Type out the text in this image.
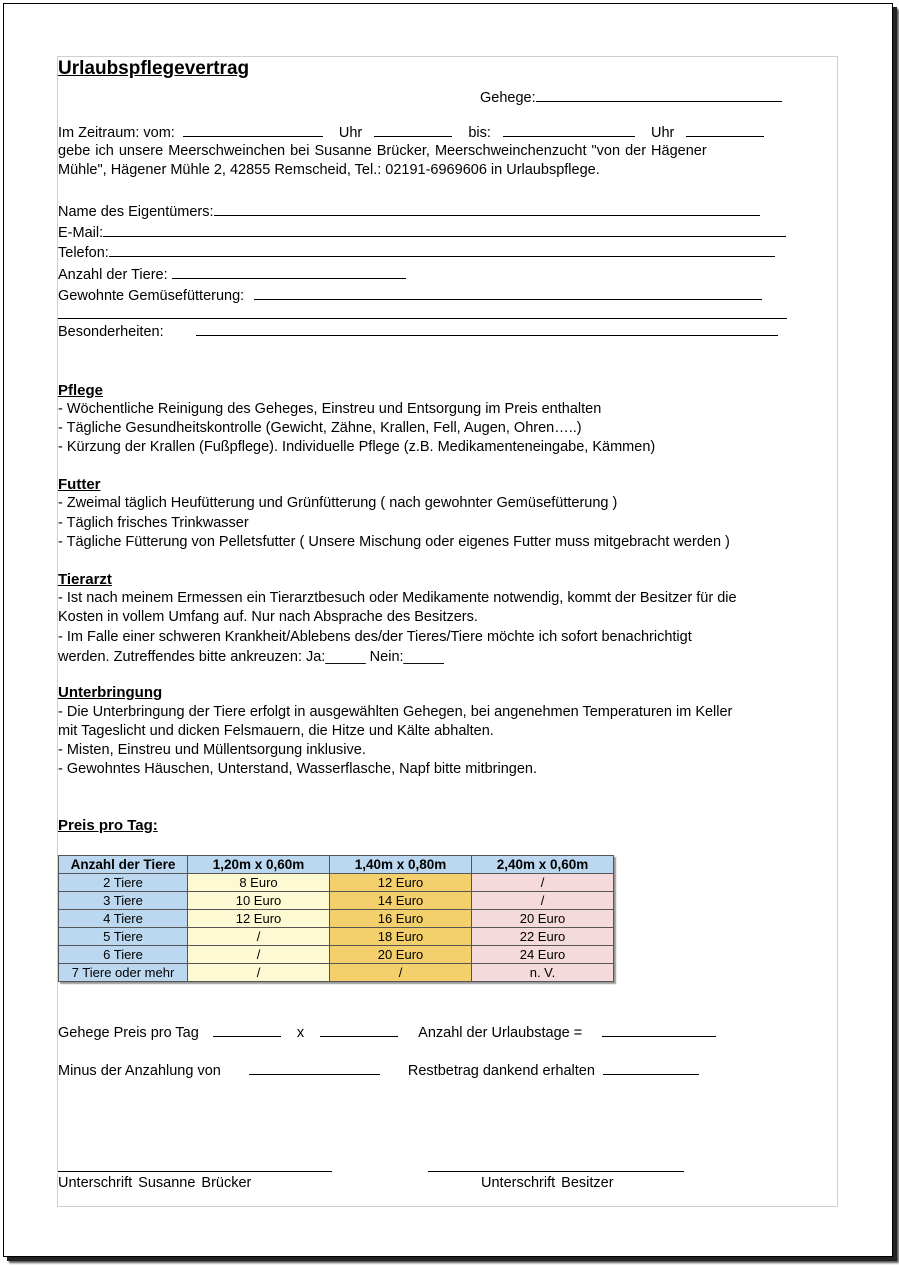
Urlaubspflegevertrag
Gehege:
Im Zeitraum: vom:	Uhr	bis:	Uhr
gebe ich unsere Meerschweinchen bei Susanne Brücker, Meerschweinchenzucht "von der Hägener
Mühle", Hägener Mühle 2, 42855 Remscheid, Tel.: 02191-6969606 in Urlaubspflege.
Name des Eigentümers:
E-Mail:
Telefon:
Anzahl der Tiere:
Gewohnte Gemüsefütterung:
Besonderheiten:
Pflege
- Wöchentliche Reinigung des Geheges, Einstreu und Entsorgung im Preis enthalten
- Tägliche Gesundheitskontrolle (Gewicht, Zähne, Krallen, Fell, Augen, Ohren…..)
- Kürzung der Krallen (Fußpflege). Individuelle Pflege (z.B. Medikamenteneingabe, Kämmen)
Futter
- Zweimal täglich Heufütterung und Grünfütterung ( nach gewohnter Gemüsefütterung )
- Täglich frisches Trinkwasser
- Tägliche Fütterung von Pelletsfutter ( Unsere Mischung oder eigenes Futter muss mitgebracht werden )
Tierarzt
- Ist nach meinem Ermessen ein Tierarztbesuch oder Medikamente notwendig, kommt der Besitzer für die
Kosten in vollem Umfang auf. Nur nach Absprache des Besitzers.
- Im Falle einer schweren Krankheit/Ablebens des/der Tieres/Tiere möchte ich sofort benachrichtigt
werden. Zutreffendes bitte ankreuzen: Ja:_____ Nein:_____
Unterbringung
- Die Unterbringung der Tiere erfolgt in ausgewählten Gehegen, bei angenehmen Temperaturen im Keller
mit Tageslicht und dicken Felsmauern, die Hitze und Kälte abhalten.
- Misten, Einstreu und Müllentsorgung inklusive.
- Gewohntes Häuschen, Unterstand, Wasserflasche, Napf bitte mitbringen.
Preis pro Tag:
Anzahl der Tiere	1,20m x 0,60m	1,40m x 0,80m	2,40m x 0,60m
2 Tiere	8 Euro	12 Euro	/
3 Tiere	10 Euro	14 Euro	/
4 Tiere	12 Euro	16 Euro	20 Euro
5 Tiere	/	18 Euro	22 Euro
6 Tiere	/	20 Euro	24 Euro
7 Tiere oder mehr	/	/	n. V.
Gehege Preis pro Tag	x	Anzahl der Urlaubstage =
Minus der Anzahlung von	Restbetrag dankend erhalten
Unterschrift Susanne Brücker	Unterschrift Besitzer
